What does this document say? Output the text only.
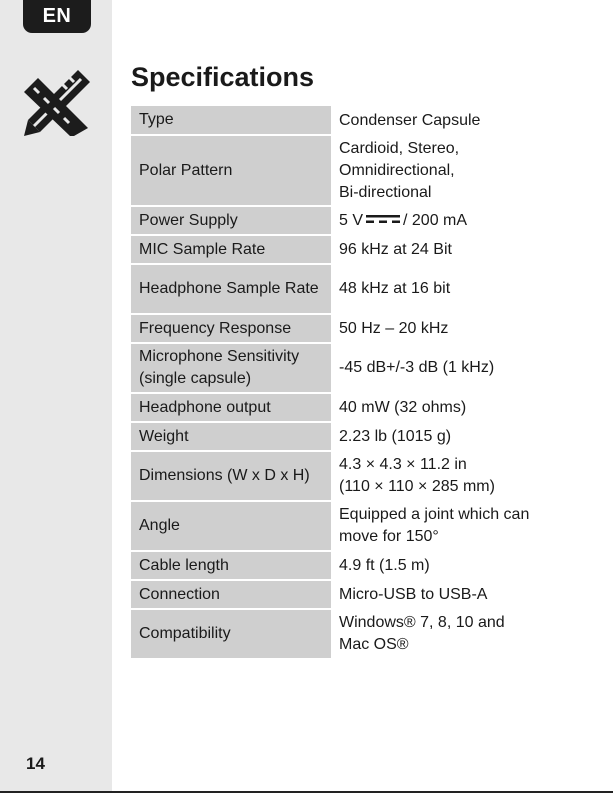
EN
14
Specifications
Type	Condenser Capsule

Polar Pattern	Cardioid, Stereo,
Omnidirectional,
Bi-directional

Power Supply	5 V / 200 mA
MIC Sample Rate	96 kHz at 24 Bit

Headphone Sample Rate	48 kHz at 16 bit

Frequency Response	50 Hz – 20 kHz

Microphone Sensitivity (single capsule)	-45 dB+/-3 dB (1 kHz)

Headphone output	40 mW (32 ohms)

Weight	2.23 lb (1015 g)

Dimensions (W x D x H)	4.3 × 4.3 × 11.2 in
(110 × 110 × 285 mm)

Angle	Equipped a joint which can
move for 150°

Cable length	4.9 ft (1.5 m)

Connection	Micro-USB to USB-A

Compatibility	Windows® 7, 8, 10 and
Mac OS®
